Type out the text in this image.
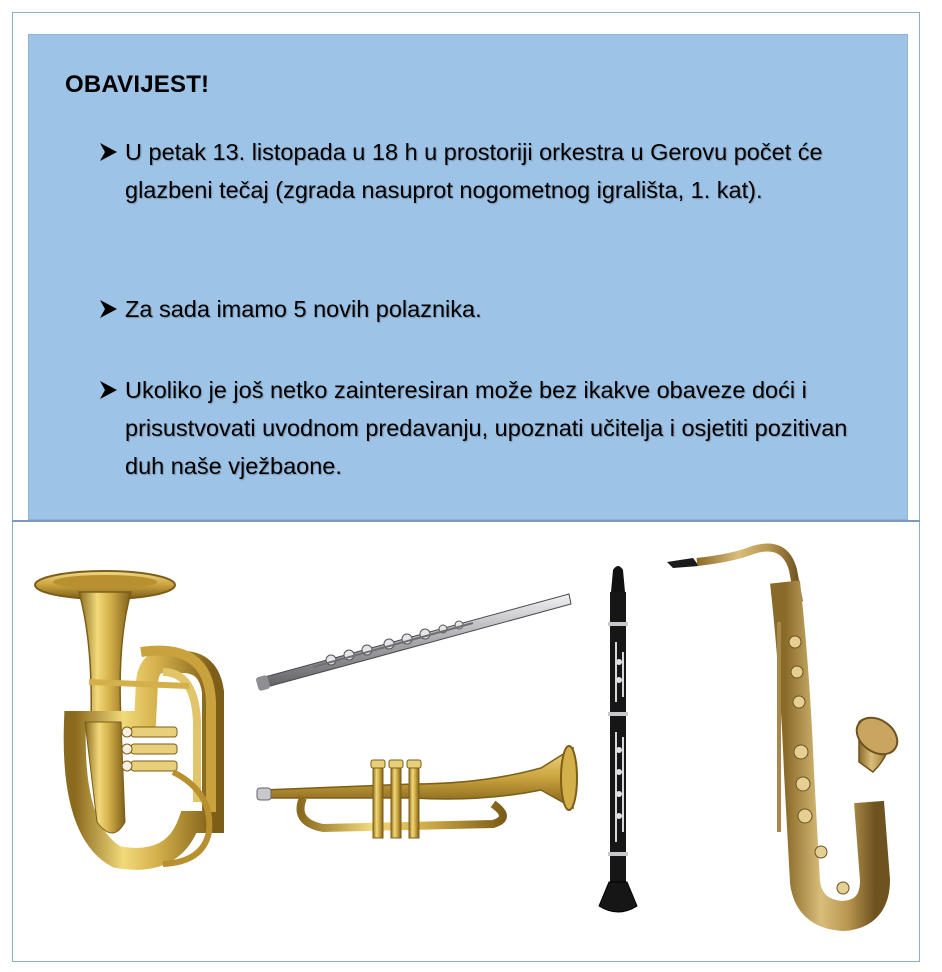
OBAVIJEST!
U petak 13. listopada u 18 h u prostoriji orkestra u Gerovu počet će glazbeni tečaj (zgrada nasuprot nogometnog igrališta, 1. kat).
Za sada imamo 5 novih polaznika.
Ukoliko je još netko zainteresiran može bez ikakve obaveze doći i prisustvovati uvodnom predavanju, upoznati učitelja i osjetiti pozitivan duh naše vježbaone.
